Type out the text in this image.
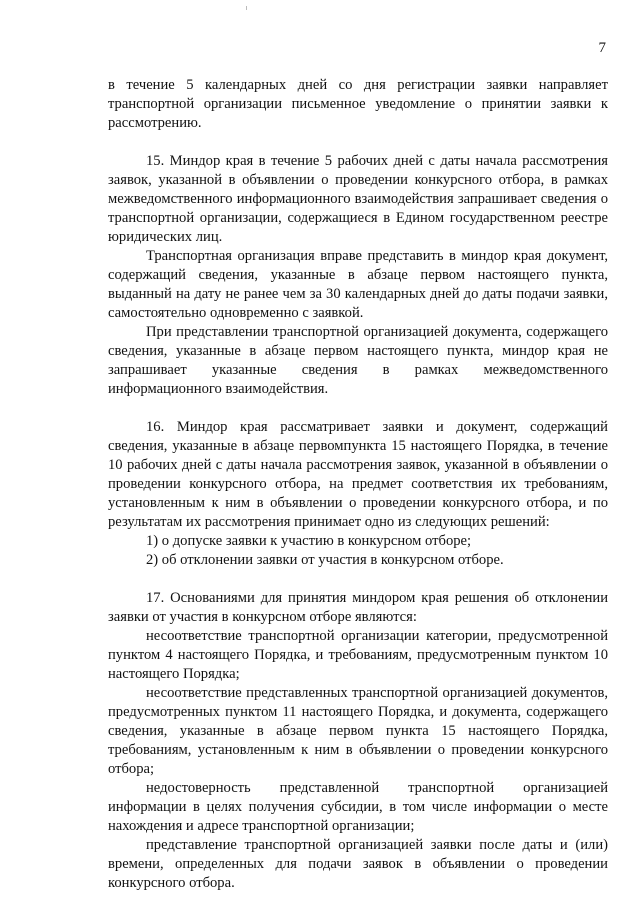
7

в течение 5 календарных дней со дня регистрации заявки направляет транспортной организации письменное уведомление о принятии заявки к рассмотрению.

15. Миндор края в течение 5 рабочих дней с даты начала рассмотрения заявок, указанной в объявлении о проведении конкурсного отбора, в рамках межведомственного информационного взаимодействия запрашивает сведения о транспортной организации, содержащиеся в Едином государственном реестре юридических лиц.

Транспортная организация вправе представить в миндор края документ, содержащий сведения, указанные в абзаце первом настоящего пункта, выданный на дату не ранее чем за 30 календарных дней до даты подачи заявки, самостоятельно одновременно с заявкой.

При представлении транспортной организацией документа, содержащего сведения, указанные в абзаце первом настоящего пункта, миндор края не запрашивает указанные сведения в рамках межведомственного информационного взаимодействия.

16. Миндор края рассматривает заявки и документ, содержащий сведения, указанные в абзаце первомпункта 15 настоящего Порядка, в течение 10 рабочих дней с даты начала рассмотрения заявок, указанной в объявлении о проведении конкурсного отбора, на предмет соответствия их требованиям, установленным к ним в объявлении о проведении конкурсного отбора, и по результатам их рассмотрения принимает одно из следующих решений:

1) о допуске заявки к участию в конкурсном отборе;

2) об отклонении заявки от участия в конкурсном отборе.

17. Основаниями для принятия миндором края решения об отклонении заявки от участия в конкурсном отборе являются:

несоответствие транспортной организации категории, предусмотренной пунктом 4 настоящего Порядка, и требованиям, предусмотренным пунктом 10 настоящего Порядка;

несоответствие представленных транспортной организацией документов, предусмотренных пунктом 11 настоящего Порядка, и документа, содержащего сведения, указанные в абзаце первом пункта 15 настоящего Порядка, требованиям, установленным к ним в объявлении о проведении конкурсного отбора;

недостоверность представленной транспортной организацией информации в целях получения субсидии, в том числе информации о месте нахождения и адресе транспортной организации;

представление транспортной организацией заявки после даты и (или) времени, определенных для подачи заявок в объявлении о проведении конкурсного отбора.
